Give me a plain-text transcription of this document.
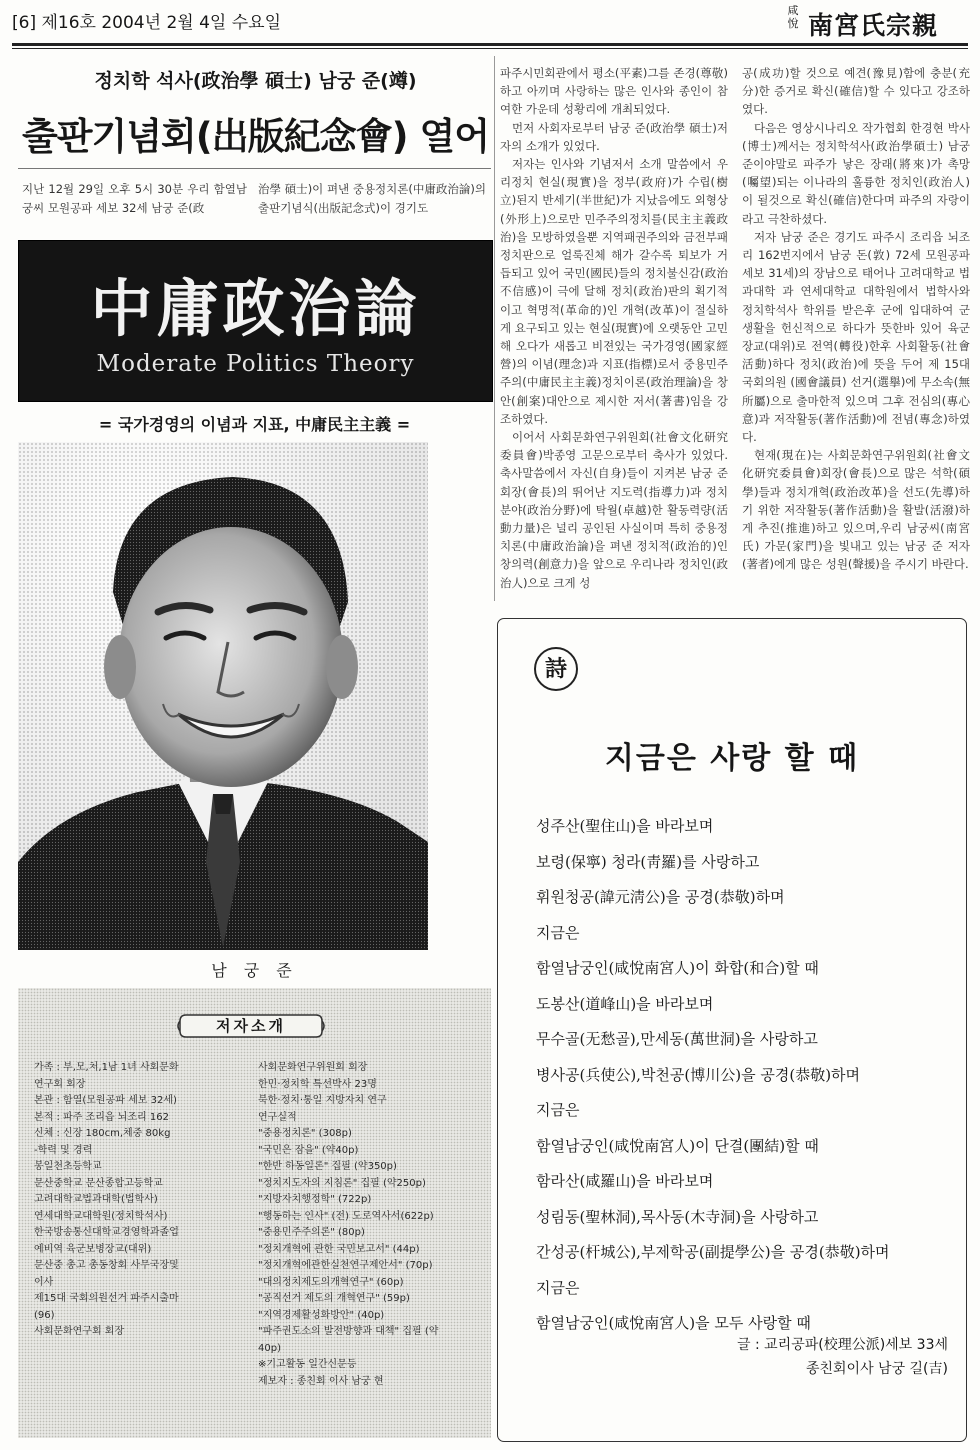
[6] 제16호 2004년 2월 4일 수요일
咸悅 南宮氏宗親
정치학 석사(政治學 碩士) 남궁 준(竴)
출판기념회(出版紀念會) 열어
지난 12월 29일 오후 5시 30분 우리 함열남궁씨 모원공파 세보 32세 남궁 준(政
治學 碩士)이 펴낸 중용정치론(中庸政治論)의 출판기념식(出版記念式)이 경기도
中庸政治論
Moderate Politics Theory
= 국가경영의 이념과 지표, 中庸民主主義 =
남 궁 준
저자소개
가족 : 부,모,처,1남 1녀 사회문화
연구회 회장
본관 : 함열(모원공파 세보 32세)
본적 : 파주 조리읍 뇌조리 162
신체 : 신장 180cm,체중 80kg
-학력 및 경력
봉일천초등학교
문산중학교 문산종합고등학교
고려대학교법과대학(법학사)
연세대학교대학원(정치학석사)
한국방송통신대학교경영학과졸업
예비역 육군보병장교(대위)
문산중 총고 총동창회 사무국장및
이사
제15대 국회의원선거 파주시출마
(96)
사회문화연구회 회장
사회문화연구위원회 회장
한민·정치학 특선박사 23명
북한·정치·통일 지방자치 연구
연구실적
"중용정치론" (308p)
"국민은 잠을" (약40p)
"한반 하동일론" 집필 (약350p)
"정치지도자의 지침론" 집필 (약250p)
"지방자치행정학" (722p)
"행동하는 인사" (전) 도로역사서(622p)
"중용민주주의론" (80p)
"정치개혁에 관한 국민보고서" (44p)
"정치개혁에관한실천연구제안서" (70p)
"대의정치제도의개혁연구" (60p)
"공직선거 제도의 개혁연구" (59p)
"지역경제활성화방안" (40p)
"파주권도소의 발전방향과 대책" 집필 (약
40p)
※기고활동 일간신문등
제보자 : 종친회 이사 남궁 현

파주시민회관에서 평소(平素)그를 존경(尊敬)하고 아끼며 사랑하는 많은 인사와 종인이 참여한 가운데 성황리에 개최되었다.

먼저 사회자로부터 남궁 준(政治學 碩士)저자의 소개가 있었다.

저자는 인사와 기념저서 소개 말씀에서 우리정치 현실(現實)을 정부(政府)가 수립(樹立)된지 반세기(半世紀)가 지났음에도 외형상(外形上)으로만 민주주의정치를(民主主義政治)을 모방하였을뿐 지역패권주의와 금전부패정치판으로 얼룩진체 해가 갈수록 퇴보가 거듭되고 있어 국민(國民)들의 정치불신감(政治不信感)이 극에 달해 정치(政治)판의 획기적이고 혁명적(革命的)인 개혁(改革)이 절실하게 요구되고 있는 현실(現實)에 오랫동안 고민해 오다가 새롭고 비젼있는 국가경영(國家經營)의 이념(理念)과 지표(指標)로서 중용민주주의(中庸民主主義)정치이론(政治理論)을 창안(創案)대안으로 제시한 저서(著書)임을 강조하였다.

이어서 사회문화연구위원회(社會文化研究委員會)박종영 고문으로부터 축사가 있었다.축사말씀에서 자신(自身)들이 지켜본 남궁 준 회장(會長)의 뛰어난 지도력(指導力)과 정치분야(政治分野)에 탁월(卓越)한 활동력량(活動力量)은 널리 공인된 사실이며 특히 중용정치론(中庸政治論)을 펴낸 정치적(政治的)인 창의력(創意力)을 앞으로 우리나라 정치인(政治人)으로 크게 성

공(成功)할 것으로 예견(豫見)함에 충분(充分)한 증거로 확신(確信)할 수 있다고 강조하였다.

다음은 영상시나리오 작가협회 한경현 박사(博士)께서는 정치학석사(政治學碩士) 남궁 준이야말로 파주가 낳은 장래(將來)가 촉망(囑望)되는 이나라의 훌륭한 정치인(政治人)이 될것으로 확신(確信)한다며 파주의 자랑이라고 극찬하셨다.

저자 남궁 준은 경기도 파주시 조리읍 뇌조리 162번지에서 남궁 돈(敦) 72세 모원공파 세보 31세)의 장남으로 태어나 고려대학교 법과대학 과 연세대학교 대학원에서 법학사와 정치학석사 학위를 받은후 군에 입대하여 군생활을 헌신적으로 하다가 뜻한바 있어 육군장교(대위)로 전역(轉役)한후 사회활동(社會活動)하다 정치(政治)에 뜻을 두어 제 15대 국회의원 (國會議員) 선거(選擧)에 무소속(無所屬)으로 출마한적 있으며 그후 전심의(專心意)과 저작활동(著作活動)에 전념(專念)하였다.

현재(現在)는 사회문화연구위원회(社會文化研究委員會)회장(會長)으로 많은 석학(碩學)들과 정치개혁(政治改革)을 선도(先導)하기 위한 저작활동(著作活動)을 활발(活潑)하게 추진(推進)하고 있으며,우리 남궁씨(南宮氏) 가문(家門)을 빛내고 있는 남궁 준 저자(著者)에게 많은 성원(聲援)을 주시기 바란다.

詩
지금은 사랑 할 때
성주산(聖住山)을 바라보며
보령(保寧) 청라(靑羅)를 사랑하고
휘원청공(諱元淸公)을 공경(恭敬)하며
지금은
함열남궁인(咸悅南宮人)이 화합(和合)할 때
도봉산(道峰山)을 바라보며
무수골(无愁골),만세동(萬世洞)을 사랑하고
병사공(兵使公),박천공(博川公)을 공경(恭敬)하며
지금은
함열남궁인(咸悅南宮人)이 단결(團結)할 때
함라산(咸羅山)을 바라보며
성림동(聖林洞),목사동(木寺洞)을 사랑하고
간성공(杆城公),부제학공(副提學公)을 공경(恭敬)하며
지금은
함열남궁인(咸悅南宮人)을 모두 사랑할 때
글 : 교리공파(校理公派)세보 33세
종친회이사 남궁 길(吉)
